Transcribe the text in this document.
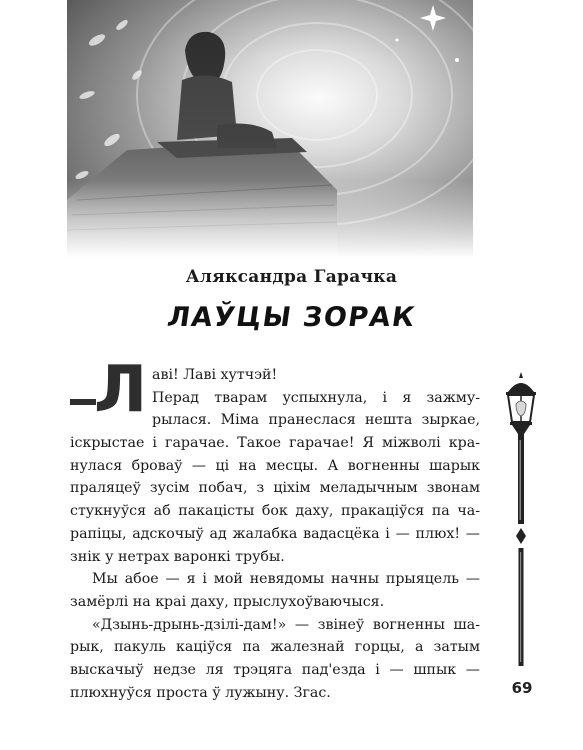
Аляксандра Гарачка
ЛАЎЦЫ ЗОРАК
Л аві! Лаві хутчэй!
Перад тварам успыхнула, і я зажму-
рылася. Міма пранеслася нешта зыркае,
іскрыстае і гарачае. Такое гарачае! Я міжволі кра-
нулася броваў — ці на месцы. А вогненны шарык
праляцеў зусім побач, з ціхім меладычным звонам
стукнуўся аб пакацісты бок даху, пракаціўся па ча-
рапіцы, адскочыў ад жалабка вадасцёка і — плюх! —
знік у нетрах варонкі трубы.
Мы абое — я і мой невядомы начны прыяцель —
замёрлі на краі даху, прыслухоўваючыся.
«Дзынь-дрынь-дзілі-дам!» — звінеў вогненны ша-
рык, пакуль каціўся па жалезнай горцы, а затым
выскачыў недзе ля трэцяга пад'езда і — шпык —
плюхнуўся проста ў лужыну. Згас.	69
